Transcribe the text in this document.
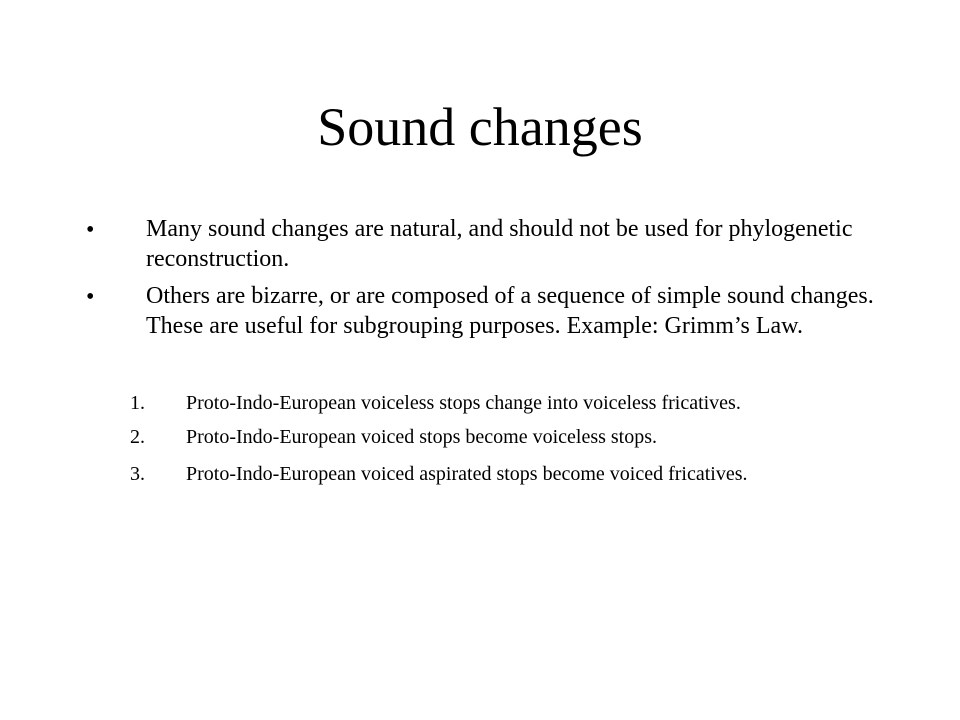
Sound changes
• Many sound changes are natural, and should not be used for phylogenetic reconstruction.
• Others are bizarre, or are composed of a sequence of simple sound changes. These are useful for subgrouping purposes. Example: Grimm’s Law.
1. Proto-Indo-European voiceless stops change into voiceless fricatives.
2. Proto-Indo-European voiced stops become voiceless stops.
3. Proto-Indo-European voiced aspirated stops become voiced fricatives.
